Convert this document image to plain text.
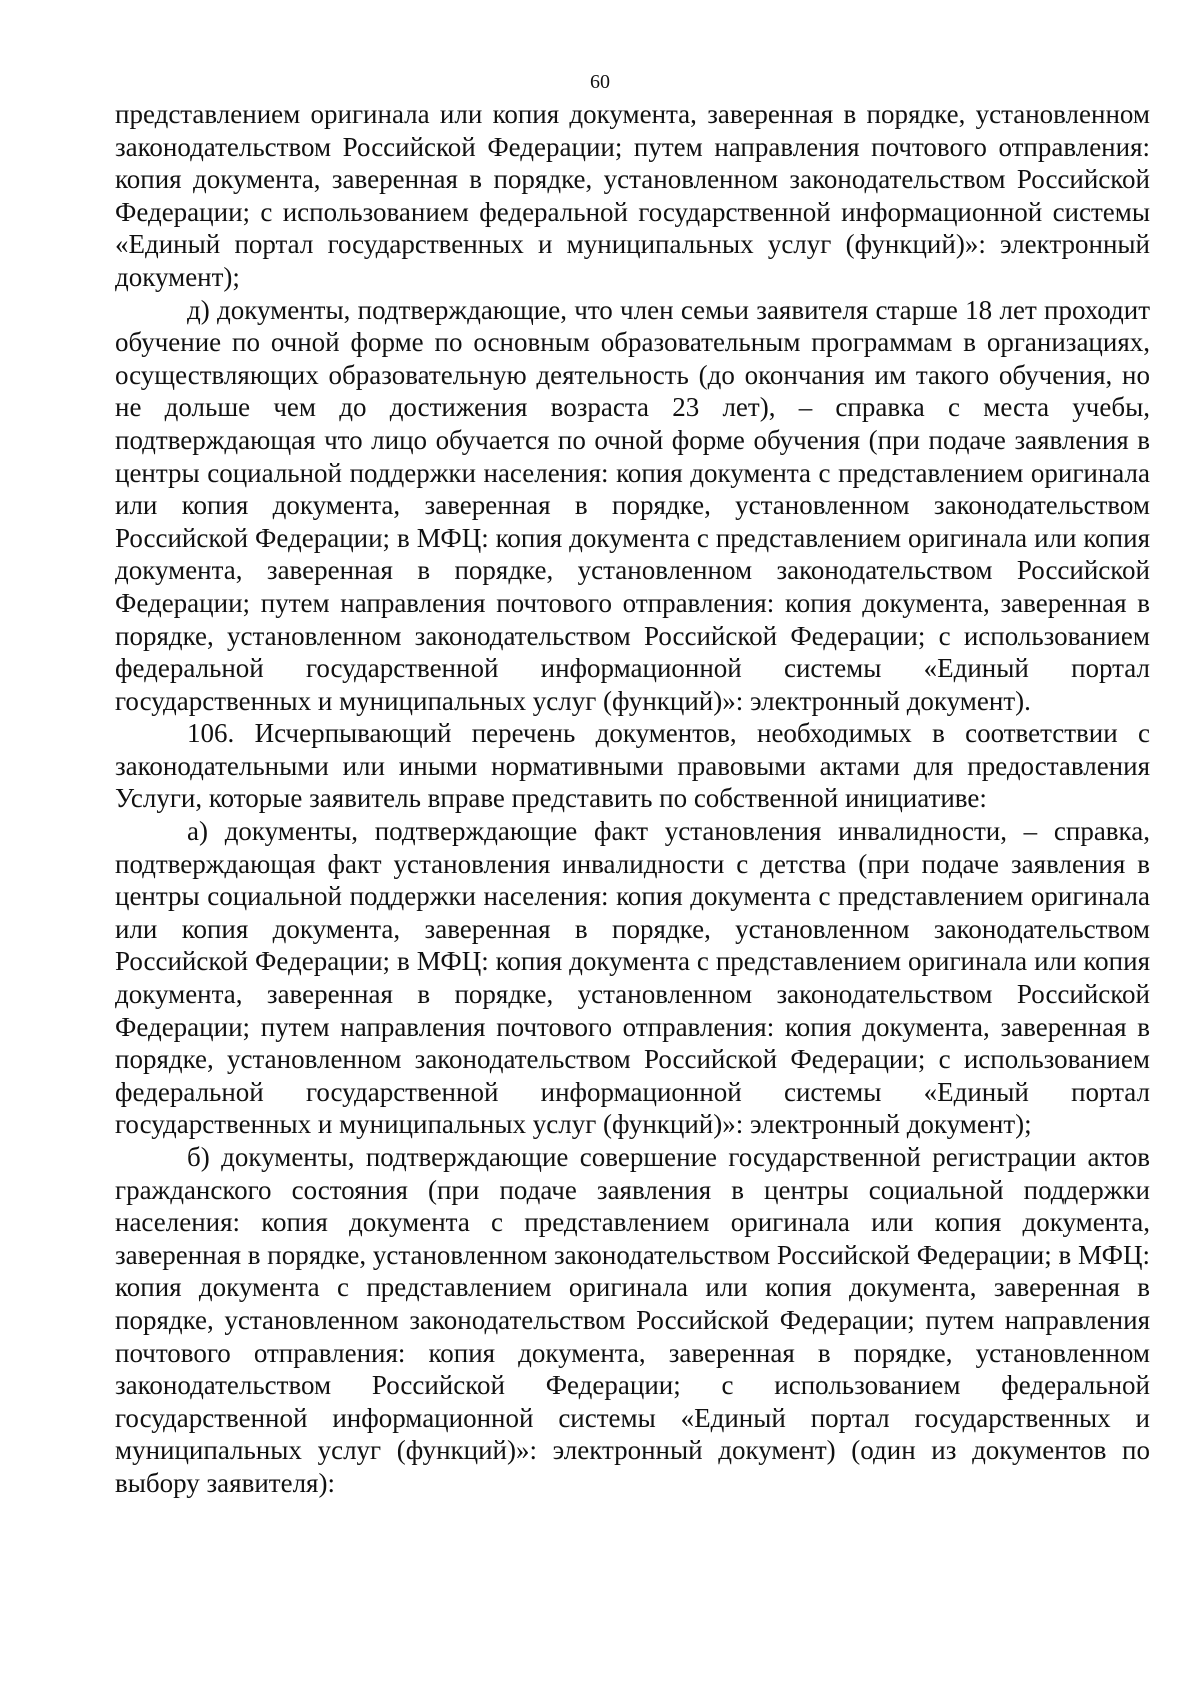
60

представлением оригинала или копия документа, заверенная в порядке, установленном законодательством Российской Федерации; путем направления почтового отправления: копия документа, заверенная в порядке, установленном законодательством Российской Федерации; с использованием федеральной государственной информационной системы «Единый портал государственных и муниципальных услуг (функций)»: электронный документ);

д) документы, подтверждающие, что член семьи заявителя старше 18 лет проходит обучение по очной форме по основным образовательным программам в организациях, осуществляющих образовательную деятельность (до окончания им такого обучения, но не дольше чем до достижения возраста 23 лет), – справка с места учебы, подтверждающая что лицо обучается по очной форме обучения (при подаче заявления в центры социальной поддержки населения: копия документа с представлением оригинала или копия документа, заверенная в порядке, установленном законодательством Российской Федерации; в МФЦ: копия документа с представлением оригинала или копия документа, заверенная в порядке, установленном законодательством Российской Федерации; путем направления почтового отправления: копия документа, заверенная в порядке, установленном законодательством Российской Федерации; с использованием федеральной государственной информационной системы «Единый портал государственных и муниципальных услуг (функций)»: электронный документ).

106. Исчерпывающий перечень документов, необходимых в соответствии с законодательными или иными нормативными правовыми актами для предоставления Услуги, которые заявитель вправе представить по собственной инициативе:

а) документы, подтверждающие факт установления инвалидности, – справка, подтверждающая факт установления инвалидности с детства (при подаче заявления в центры социальной поддержки населения: копия документа с представлением оригинала или копия документа, заверенная в порядке, установленном законодательством Российской Федерации; в МФЦ: копия документа с представлением оригинала или копия документа, заверенная в порядке, установленном законодательством Российской Федерации; путем направления почтового отправления: копия документа, заверенная в порядке, установленном законодательством Российской Федерации; с использованием федеральной государственной информационной системы «Единый портал государственных и муниципальных услуг (функций)»: электронный документ);

б) документы, подтверждающие совершение государственной регистрации актов гражданского состояния (при подаче заявления в центры социальной поддержки населения: копия документа с представлением оригинала или копия документа, заверенная в порядке, установленном законодательством Российской Федерации; в МФЦ: копия документа с представлением оригинала или копия документа, заверенная в порядке, установленном законодательством Российской Федерации; путем направления почтового отправления: копия документа, заверенная в порядке, установленном законодательством Российской Федерации; с использованием федеральной государственной информационной системы «Единый портал государственных и муниципальных услуг (функций)»: электронный документ) (один из документов по выбору заявителя):
